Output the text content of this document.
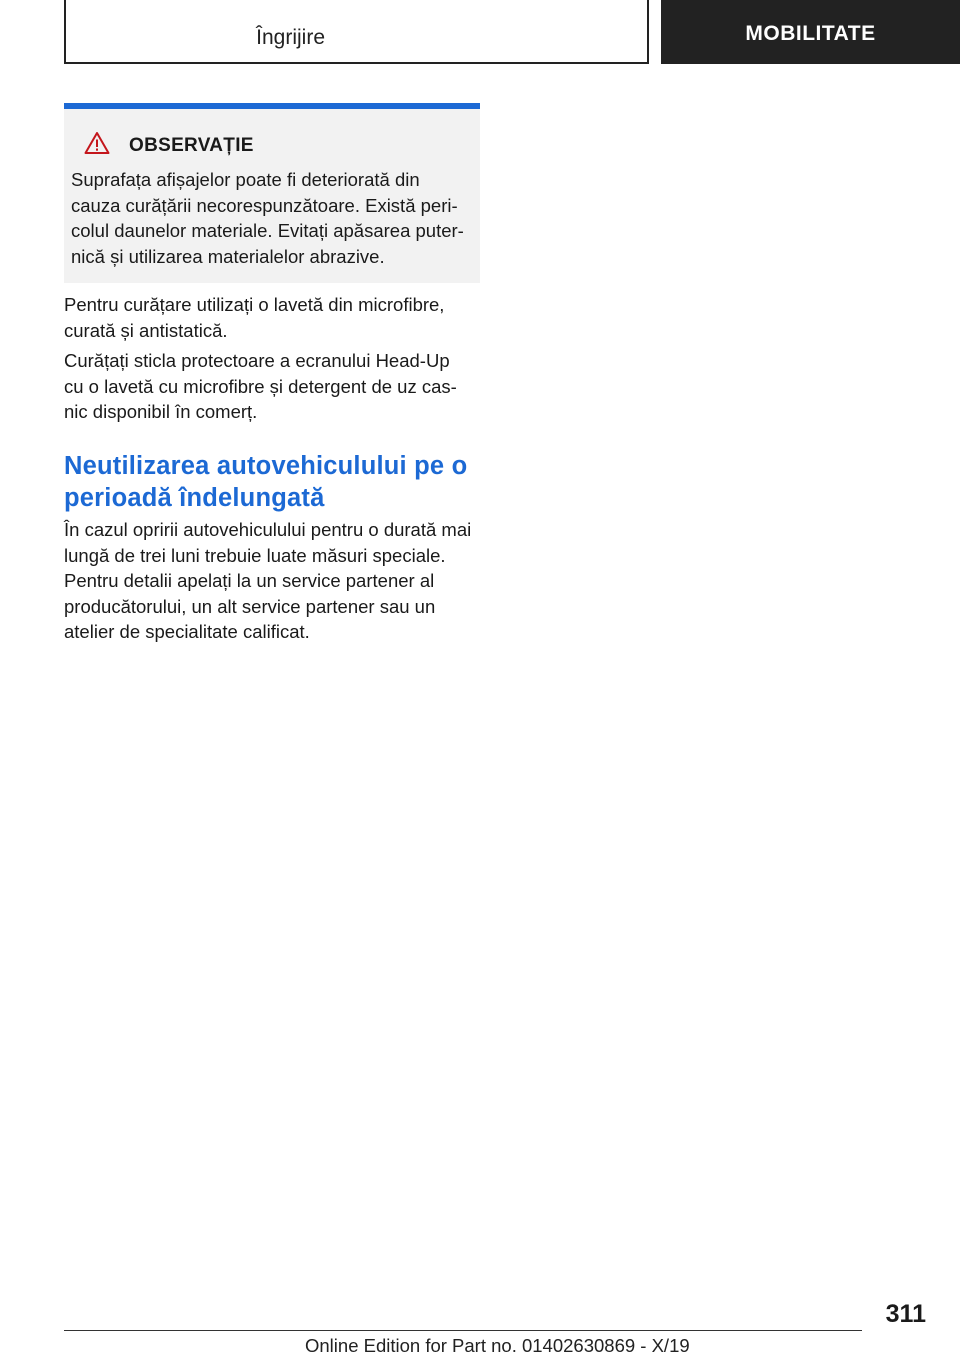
Îngrijire	MOBILITATE
OBSERVAȚIE
Suprafața afișajelor poate fi deteriorată din
cauza curățării necorespunzătoare. Există peri-
colul daunelor materiale. Evitați apăsarea puter-
nică și utilizarea materialelor abrazive.
Pentru curățare utilizați o lavetă din microfibre,
curată și antistatică.
Curățați sticla protectoare a ecranului Head-Up
cu o lavetă cu microfibre și detergent de uz cas-
nic disponibil în comerț.
Neutilizarea autovehiculului pe o
perioadă îndelungată
În cazul opririi autovehiculului pentru o durată mai
lungă de trei luni trebuie luate măsuri speciale.
Pentru detalii apelați la un service partener al
producătorului, un alt service partener sau un
atelier de specialitate calificat.
311
Online Edition for Part no. 01402630869 - X/19
